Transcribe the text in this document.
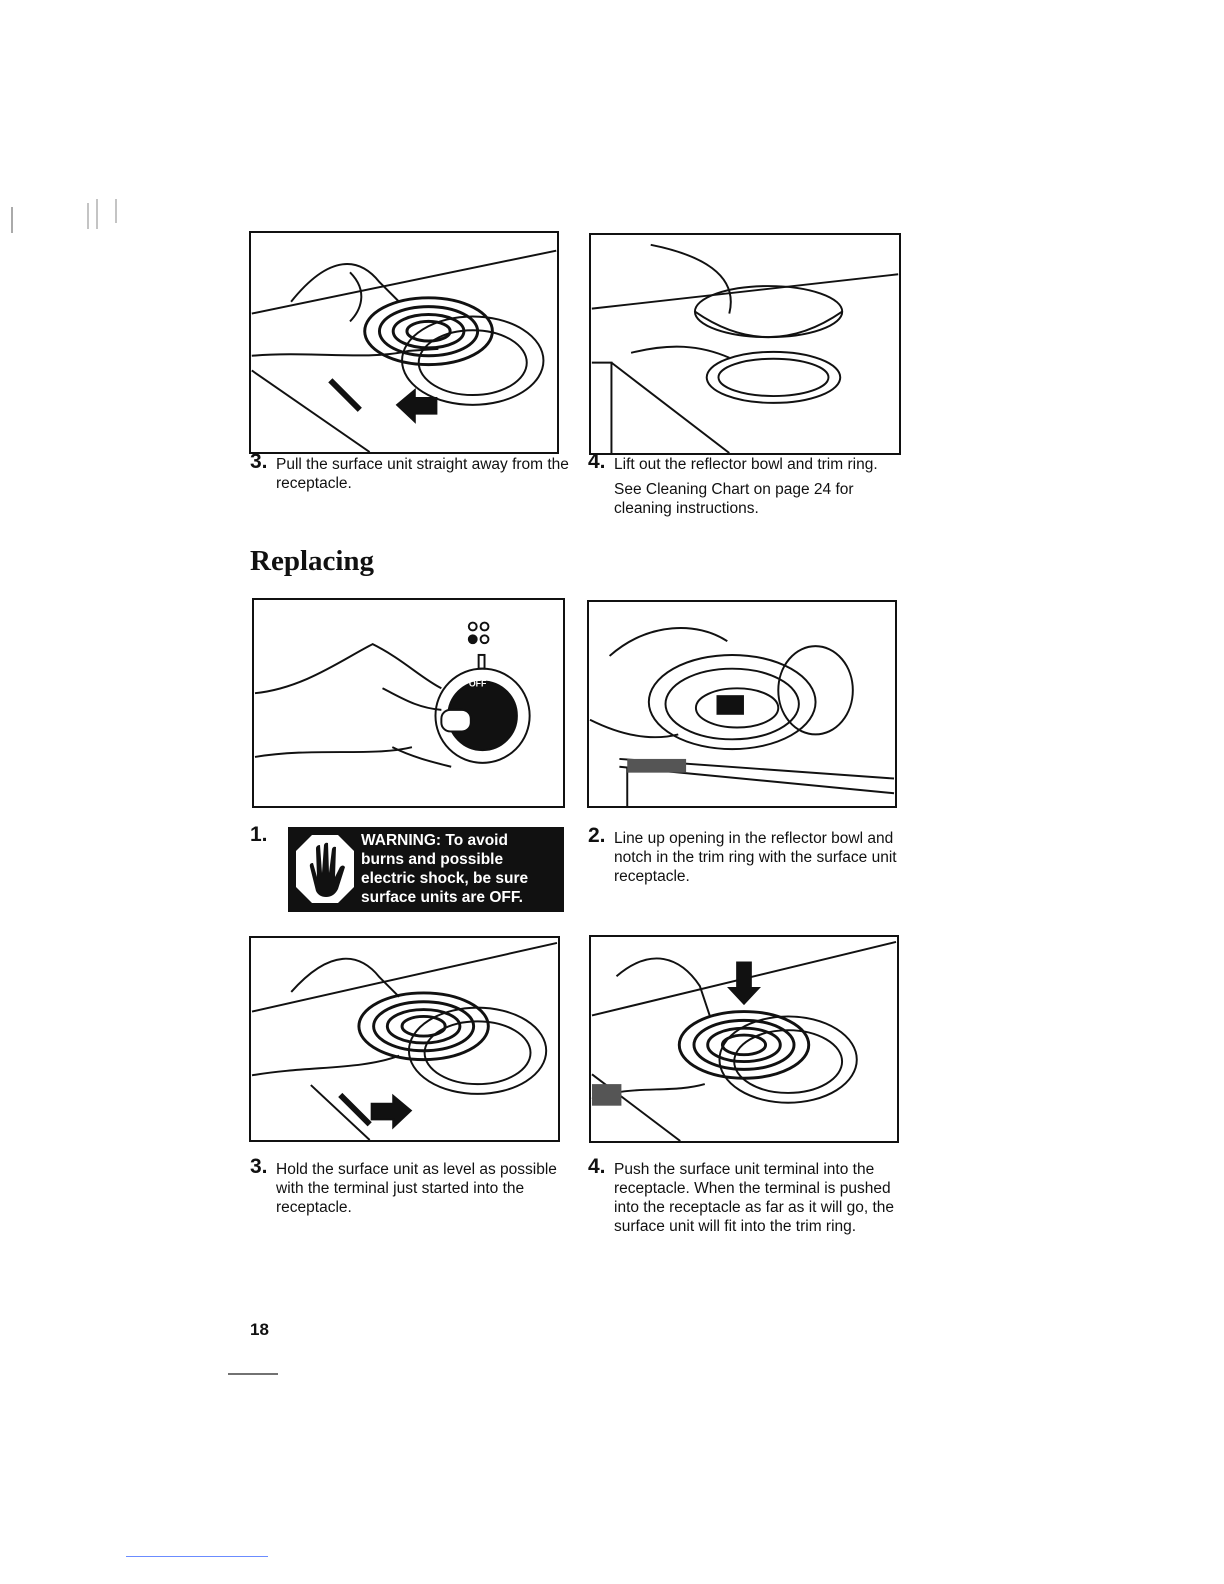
3. Pull the surface unit straight away from the receptacle.

4. Lift out the reflector bowl and trim ring.

See Cleaning Chart on page 24 for cleaning instructions.

Replacing
OFF
HI
1.	WARNING: To avoid
burns and possible
electric shock, be sure
surface units are OFF.
2. Line up opening in the reflector bowl and notch in the trim ring with the surface unit receptacle.

3. Hold the surface unit as level as possible with the terminal just started into the receptacle.

4. Push the surface unit terminal into the receptacle. When the terminal is pushed into the receptacle as far as it will go, the surface unit will fit into the trim ring.

18
